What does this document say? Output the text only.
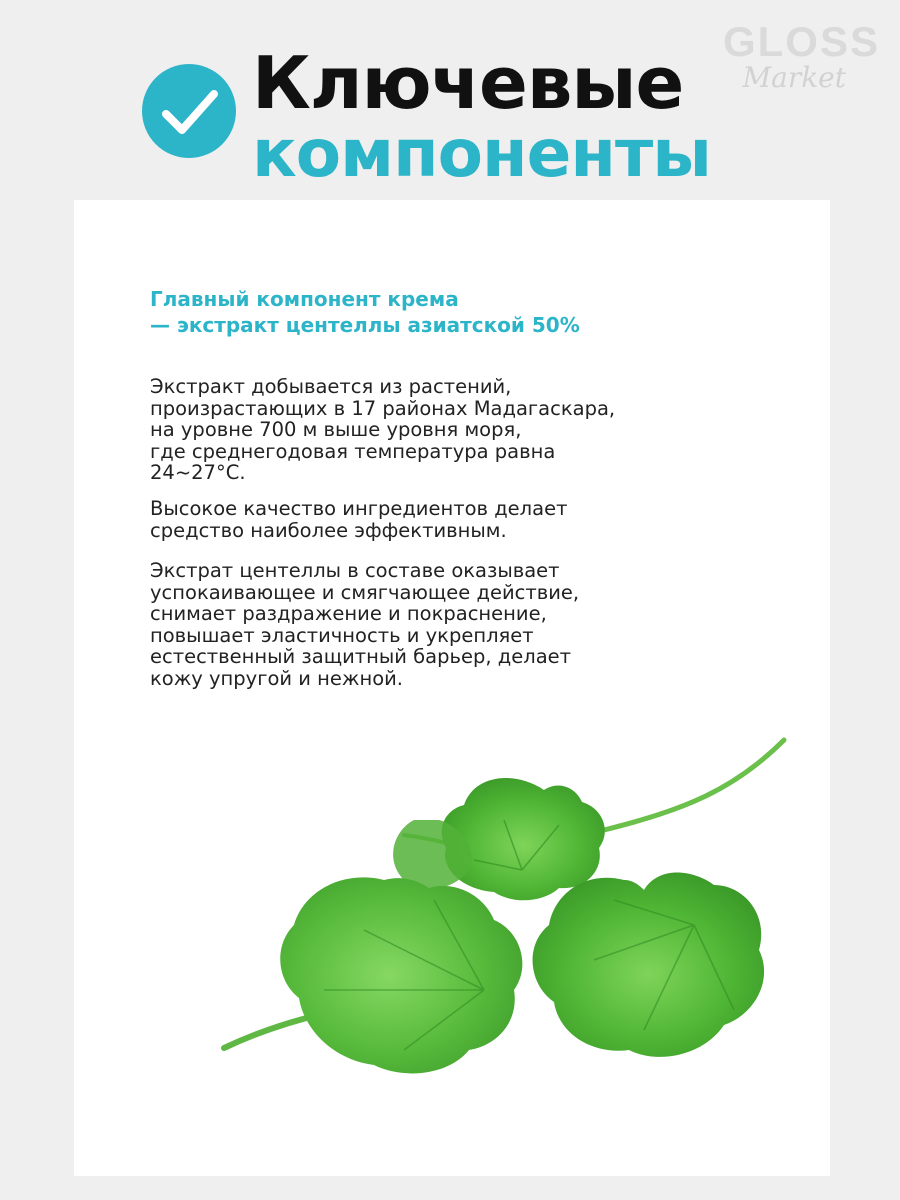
Ключевые
компоненты
GLOSS
Market
Главный компонент крема
— экстракт центеллы азиатской 50%
Экстракт добывается из растений,
произрастающих в 17 районах Мадагаскара,
на уровне 700 м выше уровня моря,
где среднегодовая температура равна
24~27°C.
Высокое качество ингредиентов делает
средство наиболее эффективным.
Экстрат центеллы в составе оказывает
успокаивающее и смягчающее действие,
снимает раздражение и покраснение,
повышает эластичность и укрепляет
естественный защитный барьер, делает
кожу упругой и нежной.
